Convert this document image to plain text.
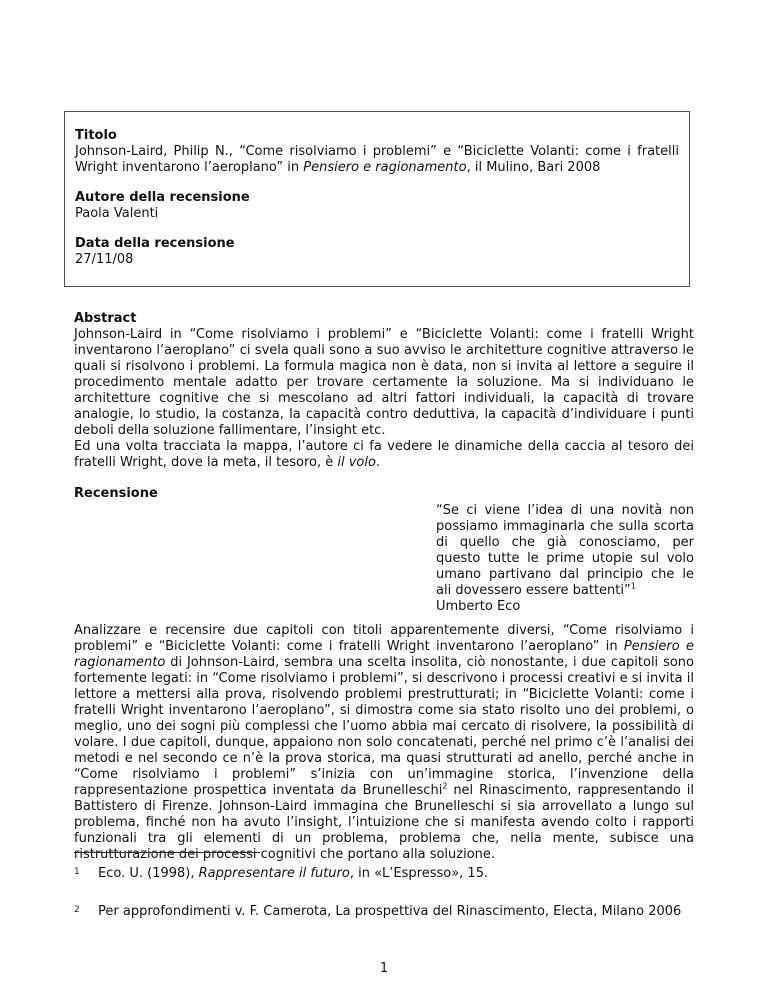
Titolo

Johnson-Laird, Philip N., “Come risolviamo i problemi” e “Biciclette Volanti: come i fratelli Wright inventarono l’aeroplano” in Pensiero e ragionamento, il Mulino, Bari 2008

Autore della recensione

Paola Valenti

Data della recensione

27/11/08

Abstract

Johnson-Laird in “Come risolviamo i problemi” e “Biciclette Volanti: come i fratelli Wright inventarono l’aeroplano” ci svela quali sono a suo avviso le architetture cognitive attraverso le quali si risolvono i problemi. La formula magica non è data, non si invita al lettore a seguire il procedimento mentale adatto per trovare certamente la soluzione. Ma si individuano le architetture cognitive che si mescolano ad altri fattori individuali, la capacità di trovare analogie, lo studio, la costanza, la capacità contro deduttiva, la capacità d’individuare i punti deboli della soluzione fallimentare, l’insight etc.

Ed una volta tracciata la mappa, l’autore ci fa vedere le dinamiche della caccia al tesoro dei fratelli Wright, dove la meta, il tesoro, è il volo.

Recensione

“Se ci viene l’idea di una novità non possiamo immaginarla che sulla scorta di quello che già conosciamo, per questo tutte le prime utopie sul volo umano partivano dal principio che le ali dovessero essere battenti”$^1$

Umberto Eco

Analizzare e recensire due capitoli con titoli apparentemente diversi, “Come risolviamo i problemi” e “Biciclette Volanti: come i fratelli Wright inventarono l’aeroplano” in Pensiero e ragionamento di Johnson-Laird, sembra una scelta insolita, ciò nonostante, i due capitoli sono fortemente legati: in “Come risolviamo i problemi”, si descrivono i processi creativi e si invita il lettore a mettersi alla prova, risolvendo problemi prestrutturati; in “Biciclette Volanti: come i fratelli Wright inventarono l’aeroplano”, si dimostra come sia stato risolto uno dei problemi, o meglio, uno dei sogni più complessi che l’uomo abbia mai cercato di risolvere, la possibilità di volare. I due capitoli, dunque, appaiono non solo concatenati, perché nel primo c’è l’analisi dei metodi e nel secondo ce n’è la prova storica, ma quasi strutturati ad anello, perché anche in “Come risolviamo i problemi” s’inizia con un’immagine storica, l’invenzione della rappresentazione prospettica inventata da Brunelleschi$^2$ nel Rinascimento, rappresentando il Battistero di Firenze. Johnson-Laird immagina che Brunelleschi si sia arrovellato a lungo sul problema, finché non ha avuto l’insight, l’intuizione che si manifesta avendo colto i rapporti funzionali tra gli elementi di un problema, problema che, nella mente, subisce una ristrutturazione dei processi cognitivi che portano alla soluzione.

1 Eco. U. (1998), Rappresentare il futuro, in «L’Espresso», 15.

2 Per approfondimenti v. F. Camerota, La prospettiva del Rinascimento, Electa, Milano 2006

1
